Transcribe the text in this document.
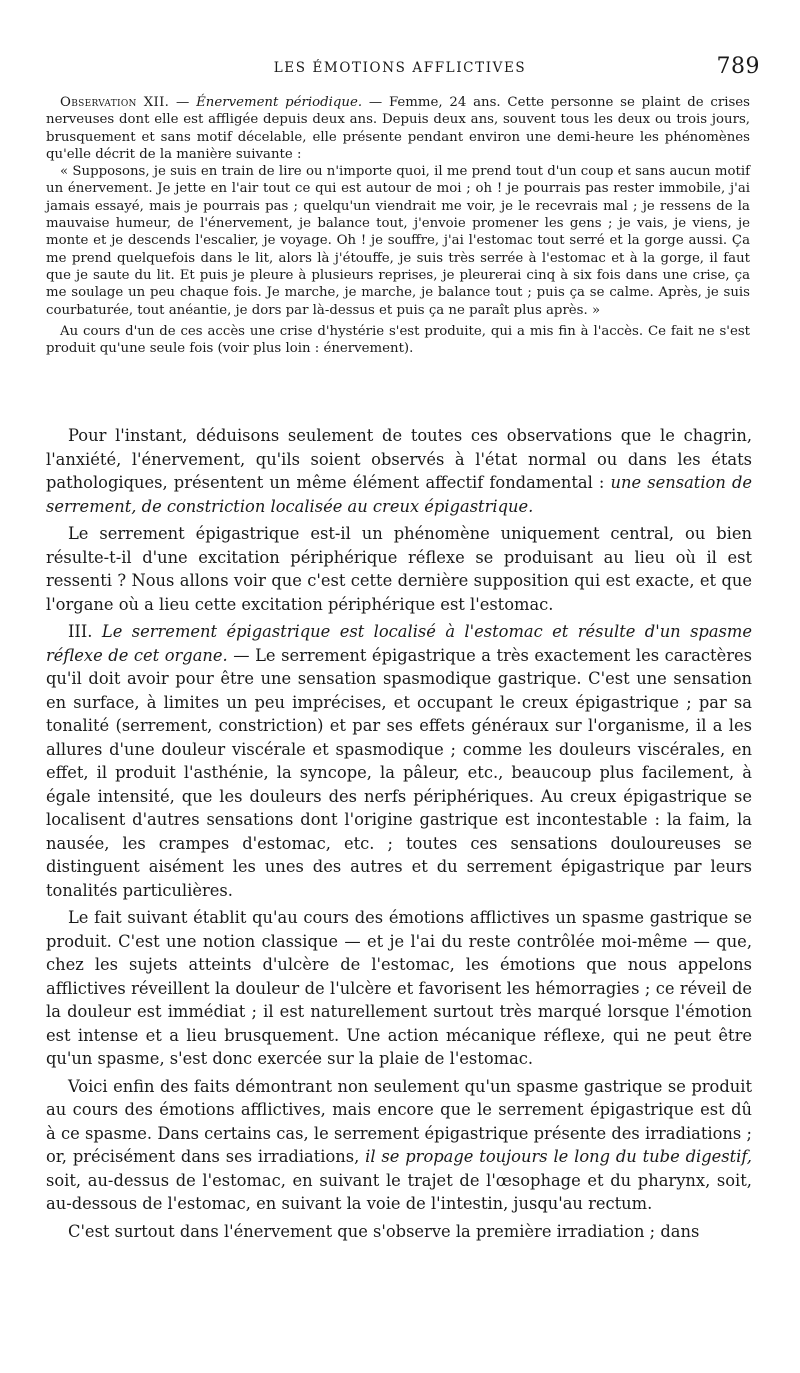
LES ÉMOTIONS AFFLICTIVES	789

Observation XII. — Énervement périodique. — Femme, 24 ans. Cette personne se plaint de crises nerveuses dont elle est affligée depuis deux ans. Depuis deux ans, souvent tous les deux ou trois jours, brusquement et sans motif décelable, elle présente pendant environ une demi-heure les phénomènes qu'elle décrit de la manière suivante :

« Supposons, je suis en train de lire ou n'importe quoi, il me prend tout d'un coup et sans aucun motif un énervement. Je jette en l'air tout ce qui est autour de moi ; oh ! je pourrais pas rester immobile, j'ai jamais essayé, mais je pourrais pas ; quelqu'un viendrait me voir, je le recevrais mal ; je ressens de la mauvaise humeur, de l'énervement, je balance tout, j'envoie promener les gens ; je vais, je viens, je monte et je descends l'escalier, je voyage. Oh ! je souffre, j'ai l'estomac tout serré et la gorge aussi. Ça me prend quelquefois dans le lit, alors là j'étouffe, je suis très serrée à l'estomac et à la gorge, il faut que je saute du lit. Et puis je pleure à plusieurs reprises, je pleurerai cinq à six fois dans une crise, ça me soulage un peu chaque fois. Je marche, je marche, je balance tout ; puis ça se calme. Après, je suis courbaturée, tout anéantie, je dors par là-dessus et puis ça ne paraît plus après. »

Au cours d'un de ces accès une crise d'hystérie s'est produite, qui a mis fin à l'accès. Ce fait ne s'est produit qu'une seule fois (voir plus loin : énervement).

Pour l'instant, déduisons seulement de toutes ces observations que le chagrin, l'anxiété, l'énervement, qu'ils soient observés à l'état normal ou dans les états pathologiques, présentent un même élément affectif fondamental : une sensation de serrement, de constriction localisée au creux épigastrique.

Le serrement épigastrique est-il un phénomène uniquement central, ou bien résulte-t-il d'une excitation périphérique réflexe se produisant au lieu où il est ressenti ? Nous allons voir que c'est cette dernière supposition qui est exacte, et que l'organe où a lieu cette excitation périphérique est l'estomac.

III. Le serrement épigastrique est localisé à l'estomac et résulte d'un spasme réflexe de cet organe. — Le serrement épigastrique a très exactement les caractères qu'il doit avoir pour être une sensation spasmodique gastrique. C'est une sensation en surface, à limites un peu imprécises, et occupant le creux épigastrique ; par sa tonalité (serrement, constriction) et par ses effets généraux sur l'organisme, il a les allures d'une douleur viscérale et spasmodique ; comme les douleurs viscérales, en effet, il produit l'asthénie, la syncope, la pâleur, etc., beaucoup plus facilement, à égale intensité, que les douleurs des nerfs périphériques. Au creux épigastrique se localisent d'autres sensations dont l'origine gastrique est incontestable : la faim, la nausée, les crampes d'estomac, etc. ; toutes ces sensations douloureuses se distinguent aisément les unes des autres et du serrement épigastrique par leurs tonalités particulières.

Le fait suivant établit qu'au cours des émotions afflictives un spasme gastrique se produit. C'est une notion classique — et je l'ai du reste contrôlée moi-même — que, chez les sujets atteints d'ulcère de l'estomac, les émotions que nous appelons afflictives réveillent la douleur de l'ulcère et favorisent les hémorragies ; ce réveil de la douleur est immédiat ; il est naturellement surtout très marqué lorsque l'émotion est intense et a lieu brusquement. Une action mécanique réflexe, qui ne peut être qu'un spasme, s'est donc exercée sur la plaie de l'estomac.

Voici enfin des faits démontrant non seulement qu'un spasme gastrique se produit au cours des émotions afflictives, mais encore que le serrement épigastrique est dû à ce spasme. Dans certains cas, le serrement épigastrique présente des irradiations ; or, précisément dans ses irradiations, il se propage toujours le long du tube digestif, soit, au-dessus de l'estomac, en suivant le trajet de l'œsophage et du pharynx, soit, au-dessous de l'estomac, en suivant la voie de l'intestin, jusqu'au rectum.

C'est surtout dans l'énervement que s'observe la première irradiation ; dans
